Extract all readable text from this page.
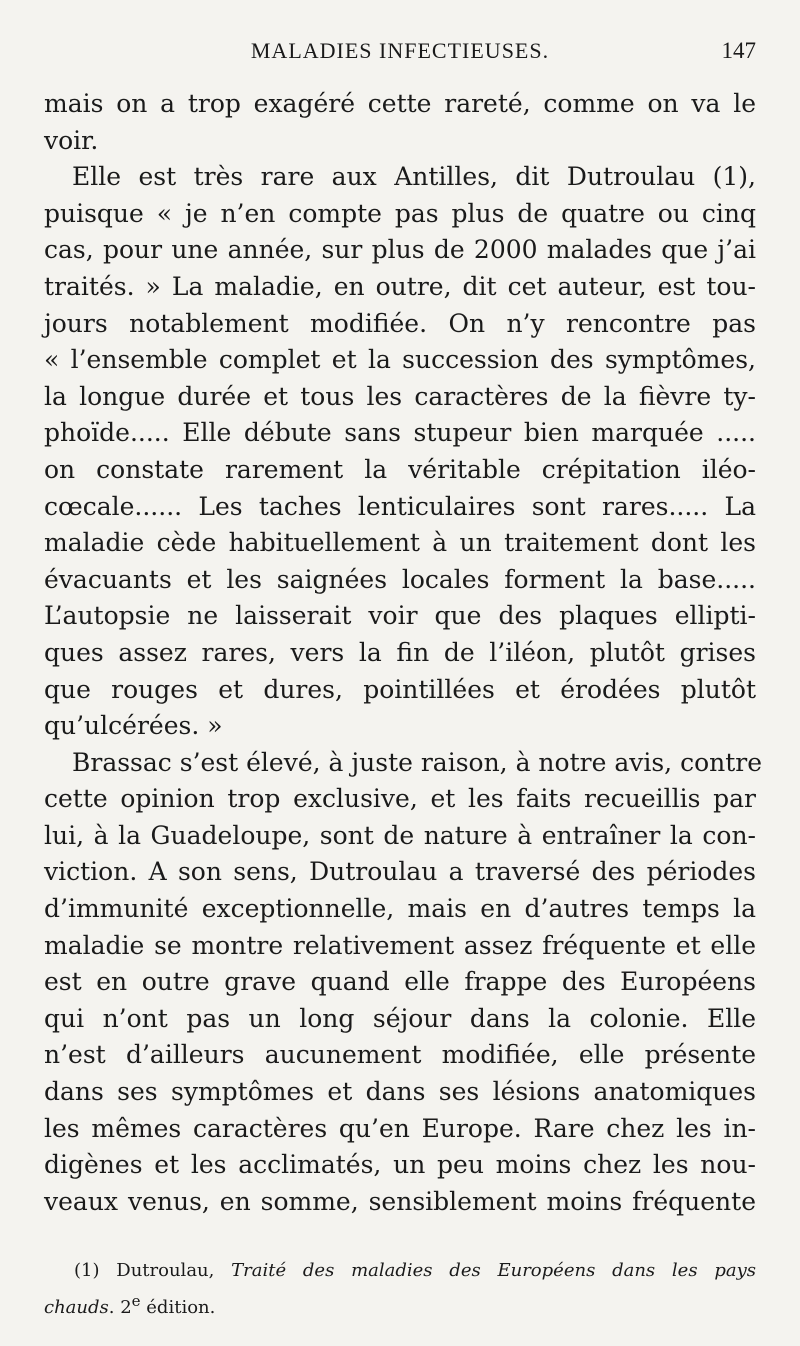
MALADIES INFECTIEUSES.	147
mais on a trop exagéré cette rareté, comme on va le
voir.
Elle est très rare aux Antilles, dit Dutroulau (1),
puisque « je n’en compte pas plus de quatre ou cinq
cas, pour une année, sur plus de 2000 malades que j’ai
traités. » La maladie, en outre, dit cet auteur, est tou-
jours notablement modifiée. On n’y rencontre pas
« l’ensemble complet et la succession des symptômes,
la longue durée et tous les caractères de la fièvre ty-
phoïde..... Elle débute sans stupeur bien marquée .....
on constate rarement la véritable crépitation iléo-
cœcale...... Les taches lenticulaires sont rares..... La
maladie cède habituellement à un traitement dont les
évacuants et les saignées locales forment la base.....
L’autopsie ne laisserait voir que des plaques ellipti-
ques assez rares, vers la fin de l’iléon, plutôt grises
que rouges et dures, pointillées et érodées plutôt
qu’ulcérées. »
Brassac s’est élevé, à juste raison, à notre avis, contre
cette opinion trop exclusive, et les faits recueillis par
lui, à la Guadeloupe, sont de nature à entraîner la con-
viction. A son sens, Dutroulau a traversé des périodes
d’immunité exceptionnelle, mais en d’autres temps la
maladie se montre relativement assez fréquente et elle
est en outre grave quand elle frappe des Européens
qui n’ont pas un long séjour dans la colonie. Elle
n’est d’ailleurs aucunement modifiée, elle présente
dans ses symptômes et dans ses lésions anatomiques
les mêmes caractères qu’en Europe. Rare chez les in-
digènes et les acclimatés, un peu moins chez les nou-
veaux venus, en somme, sensiblement moins fréquente
(1) Dutroulau, Traité des maladies des Européens dans les pays
chauds. 2e édition.
